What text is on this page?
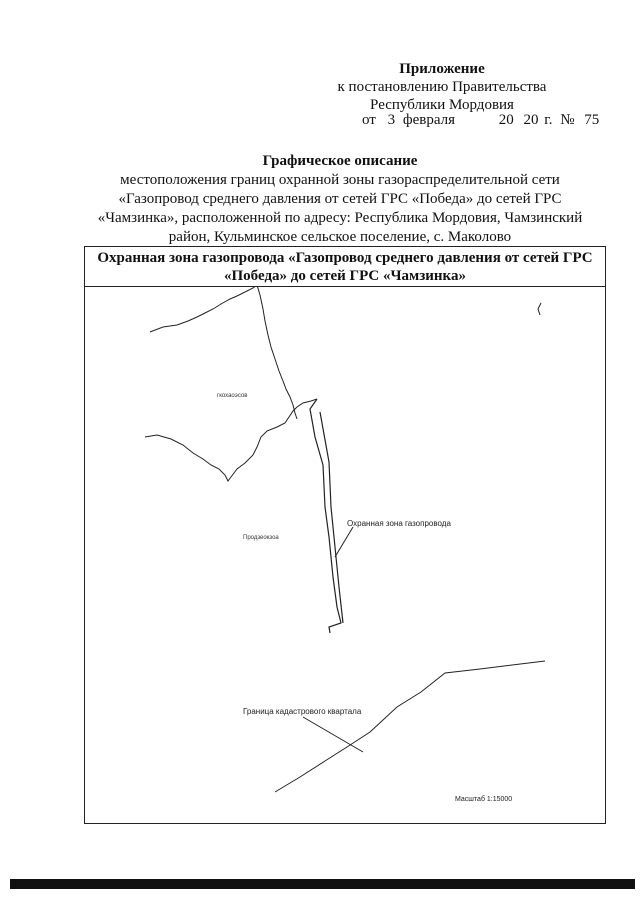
Приложение
к постановлению Правительства
Республики Мордовия
от 3 февраля	20 20 г. № 75
Графическое описание
местоположения границ охранной зоны газораспределительной сети «Газопровод среднего давления от сетей ГРС «Победа» до сетей ГРС «Чамзинка», расположенной по адресу: Республика Мордовия, Чамзинский район, Кульминское сельское поселение, с. Маколово
Охранная зона газопровода «Газопровод среднего давления от сетей ГРС «Победа» до сетей ГРС «Чамзинка»
гкохаоэсов
Продзеокзоа
Охранная зона газопровода
Граница кадастрового квартала
Масштаб 1:15000
